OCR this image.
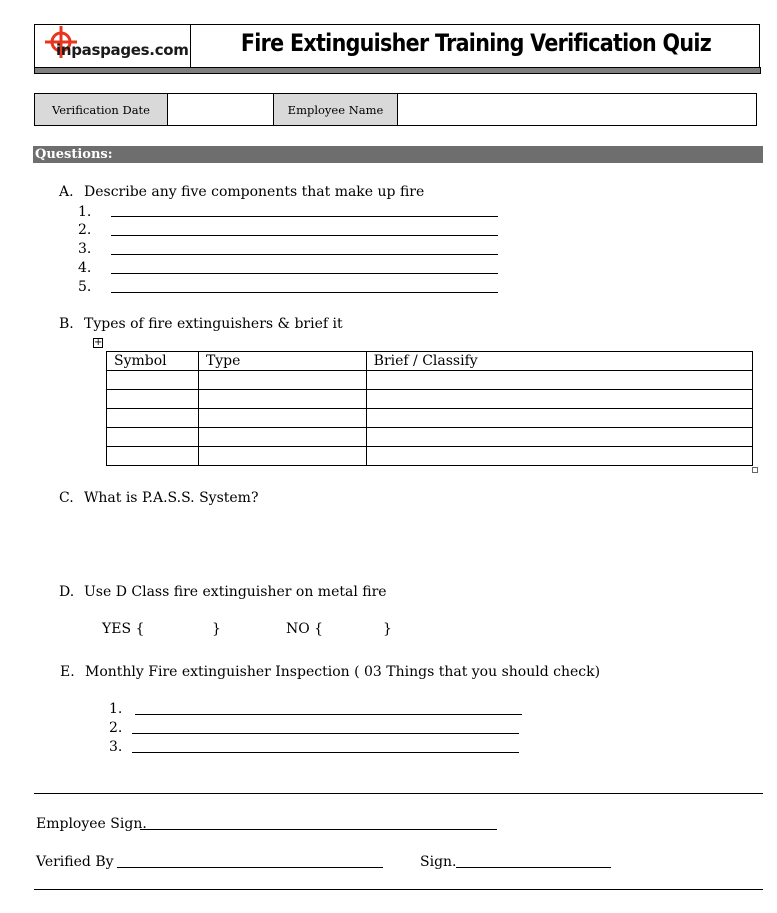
inpaspages.com	Fire Extinguisher Training Verification Quiz
Verification Date	Employee Name
Questions:
A. Describe any five components that make up fire
1.
2.
3.
4.
5.
B. Types of fire extinguishers & brief it
+
Symbol	Type	Brief / Classify

C. What is P.A.S.S. System?
D. Use D Class fire extinguisher on metal fire
YES {	}	NO {	}
E. Monthly Fire extinguisher Inspection ( 03 Things that you should check)
1.
2.
3.
Employee Sign.
Verified By	Sign.
